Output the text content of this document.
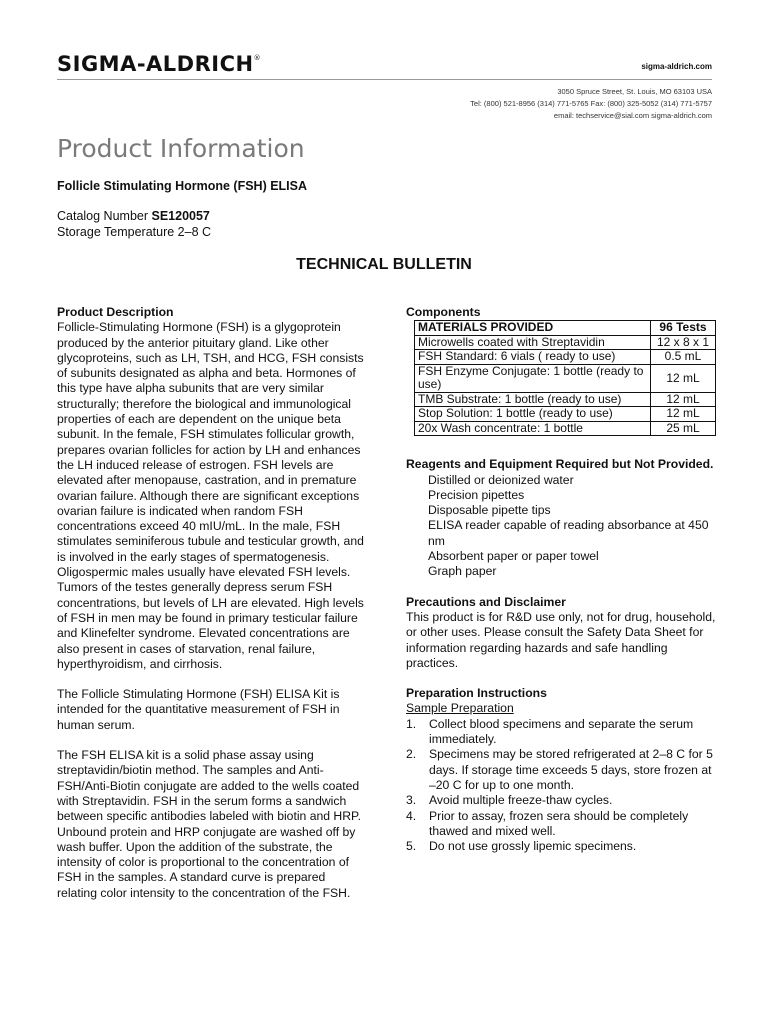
SIGMA-ALDRICH®
sigma-aldrich.com
3050 Spruce Street, St. Louis, MO 63103 USA
Tel: (800) 521-8956 (314) 771-5765 Fax: (800) 325-5052 (314) 771-5757
email: techservice@sial.com sigma-aldrich.com
Product Information
Follicle Stimulating Hormone (FSH) ELISA
Catalog Number SE120057
Storage Temperature 2–8 C
TECHNICAL BULLETIN
Product Description

Follicle-Stimulating Hormone (FSH) is a glygoprotein produced by the anterior pituitary gland. Like other glycoproteins, such as LH, TSH, and HCG, FSH consists of subunits designated as alpha and beta. Hormones of this type have alpha subunits that are very similar structurally; therefore the biological and immunological properties of each are dependent on the unique beta subunit. In the female, FSH stimulates follicular growth, prepares ovarian follicles for action by LH and enhances the LH induced release of estrogen. FSH levels are elevated after menopause, castration, and in premature ovarian failure. Although there are significant exceptions ovarian failure is indicated when random FSH concentrations exceed 40 mIU/mL. In the male, FSH stimulates seminiferous tubule and testicular growth, and is involved in the early stages of spermatogenesis. Oligospermic males usually have elevated FSH levels. Tumors of the testes generally depress serum FSH concentrations, but levels of LH are elevated. High levels of FSH in men may be found in primary testicular failure and Klinefelter syndrome. Elevated concentrations are also present in cases of starvation, renal failure, hyperthyroidism, and cirrhosis.

The Follicle Stimulating Hormone (FSH) ELISA Kit is intended for the quantitative measurement of FSH in human serum.

The FSH ELISA kit is a solid phase assay using streptavidin/biotin method. The samples and Anti-FSH/Anti-Biotin conjugate are added to the wells coated with Streptavidin. FSH in the serum forms a sandwich between specific antibodies labeled with biotin and HRP. Unbound protein and HRP conjugate are washed off by wash buffer. Upon the addition of the substrate, the intensity of color is proportional to the concentration of FSH in the samples. A standard curve is prepared relating color intensity to the concentration of the FSH.

Components
MATERIALS PROVIDED	96 Tests
Microwells coated with Streptavidin	12 x 8 x 1
FSH Standard: 6 vials ( ready to use)	0.5 mL
FSH Enzyme Conjugate: 1 bottle (ready to use)	12 mL
TMB Substrate: 1 bottle (ready to use)	12 mL
Stop Solution: 1 bottle (ready to use)	12 mL
20x Wash concentrate: 1 bottle	25 mL
Reagents and Equipment Required but Not Provided.
Distilled or deionized water
Precision pipettes
Disposable pipette tips
ELISA reader capable of reading absorbance at 450 nm
Absorbent paper or paper towel
Graph paper
Precautions and Disclaimer

This product is for R&D use only, not for drug, household, or other uses. Please consult the Safety Data Sheet for information regarding hazards and safe handling practices.

Preparation Instructions
Sample Preparation
1.	Collect blood specimens and separate the serum immediately.
2.	Specimens may be stored refrigerated at 2–8 C for 5 days. If storage time exceeds 5 days, store frozen at –20 C for up to one month.
3.	Avoid multiple freeze-thaw cycles.
4.	Prior to assay, frozen sera should be completely thawed and mixed well.
5.	Do not use grossly lipemic specimens.
